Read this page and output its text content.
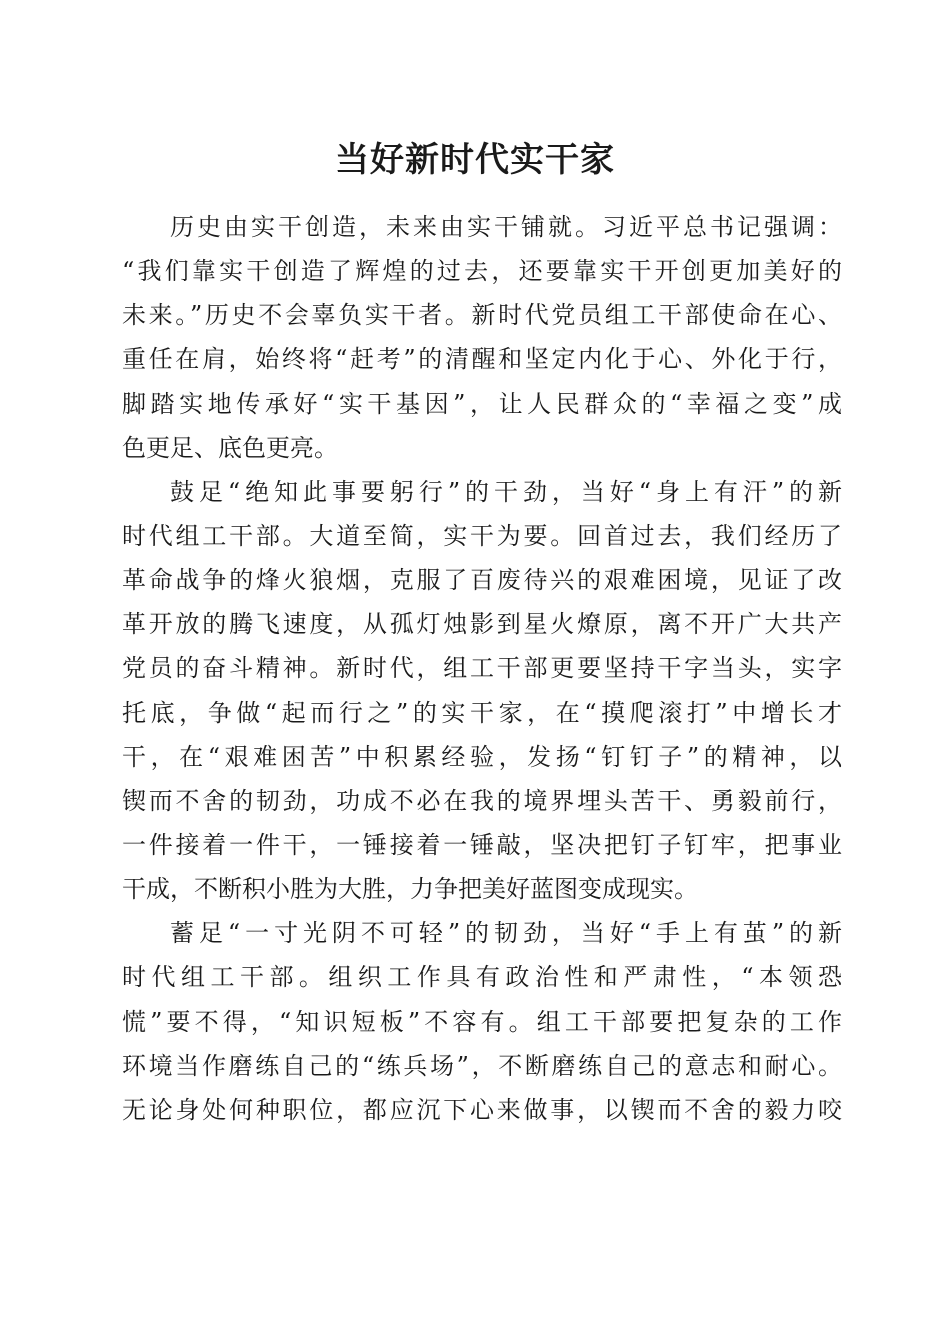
当好新时代实干家
历史由实干创造，未来由实干铺就。习近平总书记强调：
“我们靠实干创造了辉煌的过去，还要靠实干开创更加美好的
未来。”历史不会辜负实干者。新时代党员组工干部使命在心、
重任在肩，始终将“赶考”的清醒和坚定内化于心、外化于行，
脚踏实地传承好“实干基因”，让人民群众的“幸福之变”成
色更足、底色更亮。
鼓足“绝知此事要躬行”的干劲，当好“身上有汗”的新
时代组工干部。大道至简，实干为要。回首过去，我们经历了
革命战争的烽火狼烟，克服了百废待兴的艰难困境，见证了改
革开放的腾飞速度，从孤灯烛影到星火燎原，离不开广大共产
党员的奋斗精神。新时代，组工干部更要坚持干字当头，实字
托底，争做“起而行之”的实干家，在“摸爬滚打”中增长才
干，在“艰难困苦”中积累经验，发扬“钉钉子”的精神，以
锲而不舍的韧劲，功成不必在我的境界埋头苦干、勇毅前行，
一件接着一件干，一锤接着一锤敲，坚决把钉子钉牢，把事业
干成，不断积小胜为大胜，力争把美好蓝图变成现实。
蓄足“一寸光阴不可轻”的韧劲，当好“手上有茧”的新
时代组工干部。组织工作具有政治性和严肃性，“本领恐
慌”要不得，“知识短板”不容有。组工干部要把复杂的工作
环境当作磨练自己的“练兵场”，不断磨练自己的意志和耐心。
无论身处何种职位，都应沉下心来做事，以锲而不舍的毅力咬
